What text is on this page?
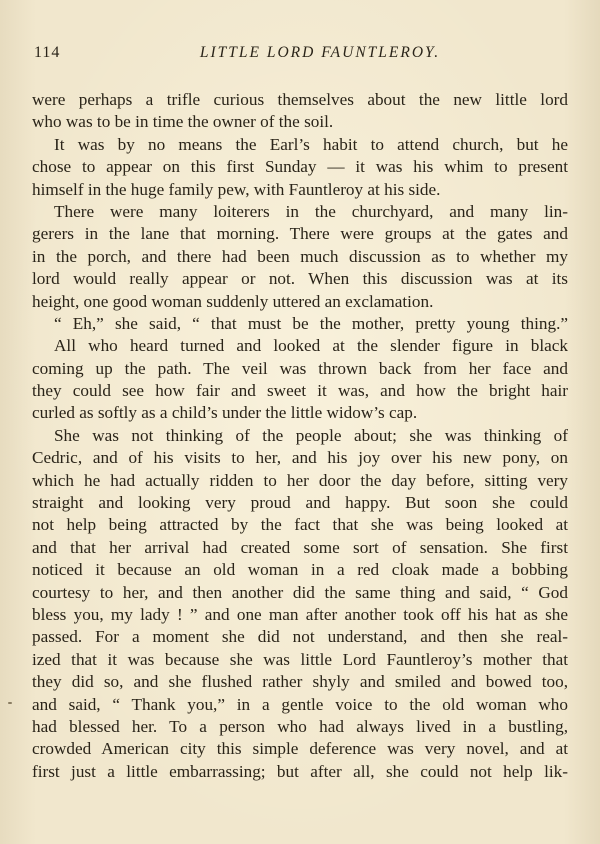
114	LITTLE LORD FAUNTLEROY.
were perhaps a trifle curious themselves about the new little lord
who was to be in time the owner of the soil.
It was by no means the Earl’s habit to attend church, but he
chose to appear on this first Sunday — it was his whim to present
himself in the huge family pew, with Fauntleroy at his side.
There were many loiterers in the churchyard, and many lin-
gerers in the lane that morning. There were groups at the gates and
in the porch, and there had been much discussion as to whether my
lord would really appear or not. When this discussion was at its
height, one good woman suddenly uttered an exclamation.
“ Eh,” she said, “ that must be the mother, pretty young thing.”
All who heard turned and looked at the slender figure in black
coming up the path. The veil was thrown back from her face and
they could see how fair and sweet it was, and how the bright hair
curled as softly as a child’s under the little widow’s cap.
She was not thinking of the people about; she was thinking of
Cedric, and of his visits to her, and his joy over his new pony, on
which he had actually ridden to her door the day before, sitting very
straight and looking very proud and happy. But soon she could
not help being attracted by the fact that she was being looked at
and that her arrival had created some sort of sensation. She first
noticed it because an old woman in a red cloak made a bobbing
courtesy to her, and then another did the same thing and said, “ God
bless you, my lady ! ” and one man after another took off his hat as she
passed. For a moment she did not understand, and then she real-
ized that it was because she was little Lord Fauntleroy’s mother that
they did so, and she flushed rather shyly and smiled and bowed too,
and said, “ Thank you,” in a gentle voice to the old woman who
had blessed her. To a person who had always lived in a bustling,
crowded American city this simple deference was very novel, and at
first just a little embarrassing; but after all, she could not help lik-
